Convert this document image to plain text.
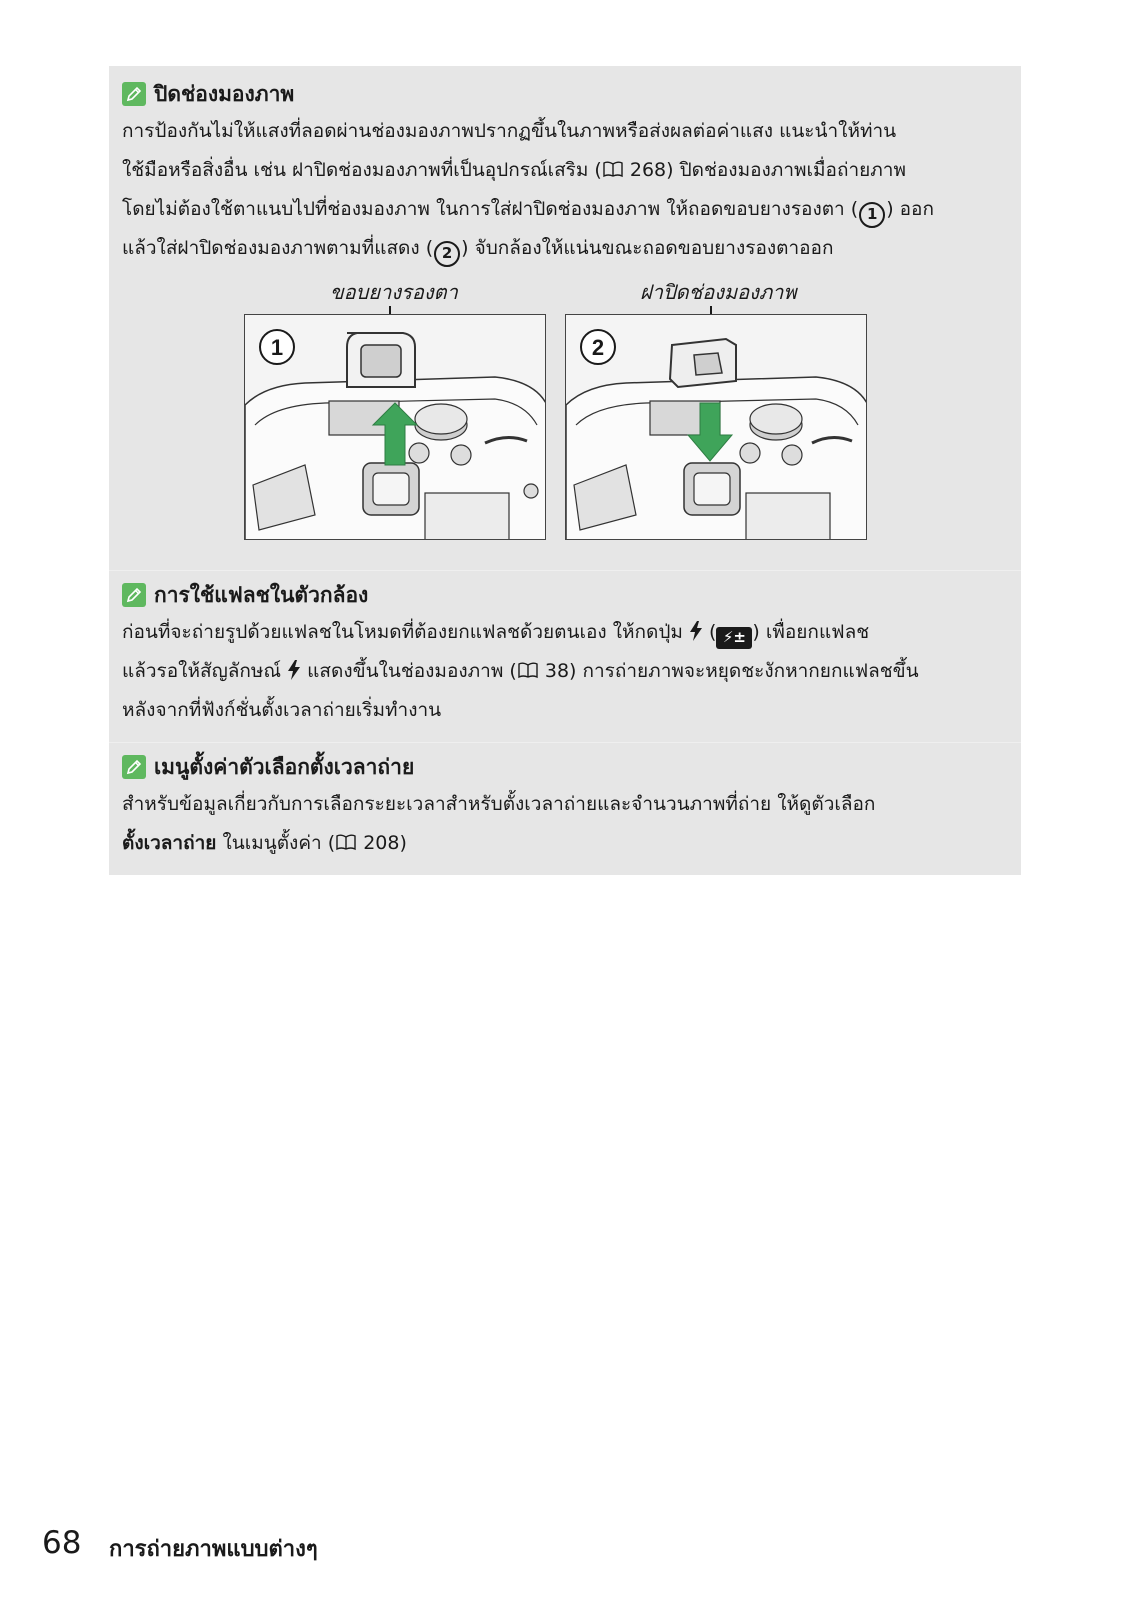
ปิดช่องมองภาพ
การป้องกันไม่ให้แสงที่ลอดผ่านช่องมองภาพปรากฏขึ้นในภาพหรือส่งผลต่อค่าแสง แนะนำให้ท่าน
ใช้มือหรือสิ่งอื่น เช่น ฝาปิดช่องมองภาพที่เป็นอุปกรณ์เสริม ( 268) ปิดช่องมองภาพเมื่อถ่ายภาพ
โดยไม่ต้องใช้ตาแนบไปที่ช่องมองภาพ ในการใส่ฝาปิดช่องมองภาพ ให้ถอดขอบยางรองตา ( 1 ) ออก
แล้วใส่ฝาปิดช่องมองภาพตามที่แสดง ( 2 ) จับกล้องให้แน่นขณะถอดขอบยางรองตาออก
ขอบยางรองตา	ฝาปิดช่องมองภาพ
1	2
การใช้แฟลชในตัวกล้อง
ก่อนที่จะถ่ายรูปด้วยแฟลชในโหมดที่ต้องยกแฟลชด้วยตนเอง ให้กดปุ่ม  ( ⚡± ) เพื่อยกแฟลช
แล้วรอให้สัญลักษณ์  แสดงขึ้นในช่องมองภาพ ( 38) การถ่ายภาพจะหยุดชะงักหากยกแฟลชขึ้น
หลังจากที่ฟังก์ชั่นตั้งเวลาถ่ายเริ่มทำงาน
เมนูตั้งค่าตัวเลือกตั้งเวลาถ่าย
สำหรับข้อมูลเกี่ยวกับการเลือกระยะเวลาสำหรับตั้งเวลาถ่ายและจำนวนภาพที่ถ่าย ให้ดูตัวเลือก
ตั้งเวลาถ่าย ในเมนูตั้งค่า ( 208)
68 การถ่ายภาพแบบต่างๆ
